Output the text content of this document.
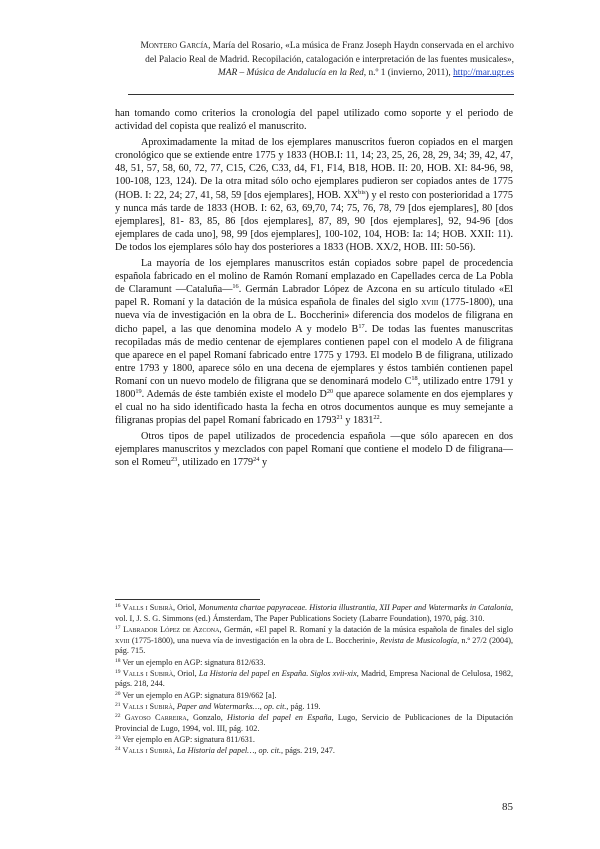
Montero García, María del Rosario, «La música de Franz Joseph Haydn conservada en el archivo del Palacio Real de Madrid. Recopilación, catalogación e interpretación de las fuentes musicales», MAR – Música de Andalucía en la Red, n.º 1 (invierno, 2011), http://mar.ugr.es

han tomando como criterios la cronología del papel utilizado como soporte y el periodo de actividad del copista que realizó el manuscrito.

Aproximadamente la mitad de los ejemplares manuscritos fueron copiados en el margen cronológico que se extiende entre 1775 y 1833 (HOB.I: 11, 14; 23, 25, 26, 28, 29, 34; 39, 42, 47, 48, 51, 57, 58, 60, 72, 77, C15, C26, C33, d4, F1, F14, B18, HOB. II: 20, HOB. XI: 84-96, 98, 100-108, 123, 124). De la otra mitad sólo ocho ejemplares pudieron ser copiados antes de 1775 (HOB. I: 22, 24; 27, 41, 58, 59 [dos ejemplares], HOB. $XX^{bis}$) y el resto con posterioridad a 1775 y nunca más tarde de 1833 (HOB. I: 62, 63, 69,70, 74; 75, 76, 78, 79 [dos ejemplares], 80 [dos ejemplares], 81- 83, 85, 86 [dos ejemplares], 87, 89, 90 [dos ejemplares], 92, 94-96 [dos ejemplares de cada uno], 98, 99 [dos ejemplares], 100-102, 104, HOB: Ia: 14; HOB. XXII: 11). De todos los ejemplares sólo hay dos posteriores a 1833 (HOB. XX/2, HOB. III: 50-56).

La mayoría de los ejemplares manuscritos están copiados sobre papel de procedencia española fabricado en el molino de Ramón Romaní emplazado en Capellades cerca de La Pobla de Claramunt —Cataluña—$^{16}$. Germán Labrador López de Azcona en su artículo titulado «El papel R. Romaní y la datación de la música española de finales del siglo xviii (1775-1800), una nueva vía de investigación en la obra de L. Boccherini» diferencia dos modelos de filigrana en dicho papel, a las que denomina modelo A y modelo $B^{17}$. De todas las fuentes manuscritas recopiladas más de medio centenar de ejemplares contienen papel con el modelo A de filigrana que aparece en el papel Romaní fabricado entre 1775 y 1793. El modelo B de filigrana, utilizado entre 1793 y 1800, aparece sólo en una decena de ejemplares y éstos también contienen papel Romaní con un nuevo modelo de filigrana que se denominará modelo $C^{18}$, utilizado entre 1791 y 1800$^{19}$. Además de éste también existe el modelo $D^{20}$ que aparece solamente en dos ejemplares y el cual no ha sido identificado hasta la fecha en otros documentos aunque es muy semejante a filigranas propias del papel Romaní fabricado en 1793$^{21}$ y 1831$^{22}$.

Otros tipos de papel utilizados de procedencia española —que sólo aparecen en dos ejemplares manuscritos y mezclados con papel Romaní que contiene el modelo D de filigrana— son el Romeu$^{23}$, utilizado en 1779$^{24}$ y

$^{16}$ Valls i Subirà, Oriol, Monumenta chartae papyraceae. Historia illustrantia, XII Paper and Watermarks in Catalonia, vol. I, J. S. G. Simmons (ed.) Ámsterdam, The Paper Publications Society (Labarre Foundation), 1970, pág. 310.
$^{17}$ Labrador López de Azcona, Germán, «El papel R. Romaní y la datación de la música española de finales del siglo xviii (1775-1800), una nueva vía de investigación en la obra de L. Boccherini», Revista de Musicología, n.º 27/2 (2004), pág. 715.
$^{18}$ Ver un ejemplo en AGP: signatura 812/633.
$^{19}$ Valls i Subirà, Oriol, La Historia del papel en España. Siglos xvii-xix, Madrid, Empresa Nacional de Celulosa, 1982, págs. 218, 244.
$^{20}$ Ver un ejemplo en AGP: signatura 819/662 [a].
$^{21}$ Valls i Subirà, Paper and Watermarks…, op. cit., pág. 119.
$^{22}$ Gayoso Carreira, Gonzalo, Historia del papel en España, Lugo, Servicio de Publicaciones de la Diputación Provincial de Lugo, 1994, vol. III, pág. 102.
$^{23}$ Ver ejemplo en AGP: signatura 811/631.
$^{24}$ Valls i Subirà, La Historia del papel…, op. cit., págs. 219, 247.
85
